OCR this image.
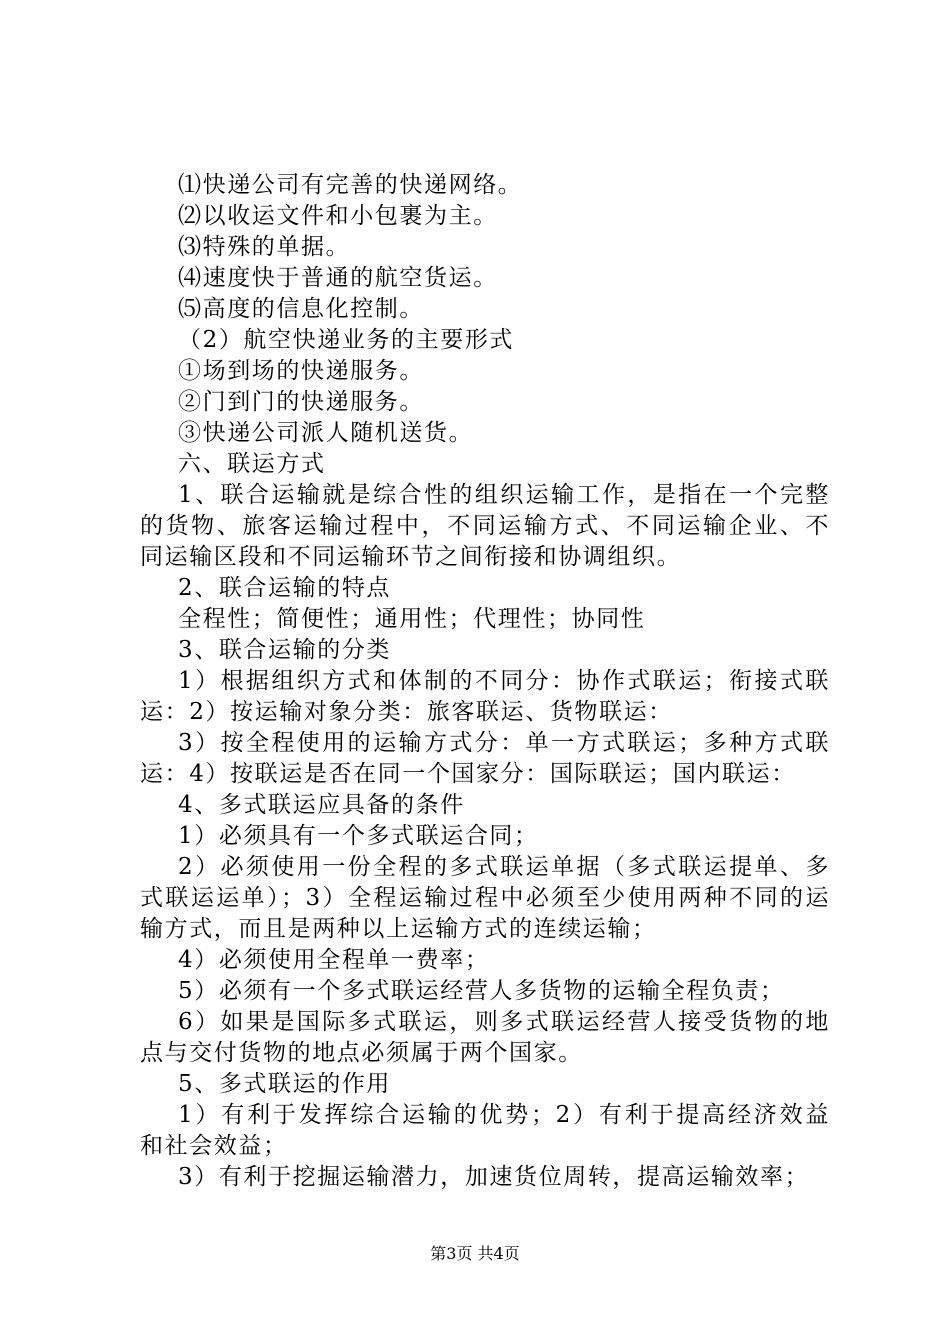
⑴快递公司有完善的快递网络。
⑵以收运文件和小包裹为主。
⑶特殊的单据。
⑷速度快于普通的航空货运。
⑸高度的信息化控制。
（2）航空快递业务的主要形式
①场到场的快递服务。
②门到门的快递服务。
③快递公司派人随机送货。
六、联运方式
1、联合运输就是综合性的组织运输工作，是指在一个完整
的货物、旅客运输过程中，不同运输方式、不同运输企业、不
同运输区段和不同运输环节之间衔接和协调组织。
2、联合运输的特点
全程性；简便性；通用性；代理性；协同性
3、联合运输的分类
1）根据组织方式和体制的不同分：协作式联运；衔接式联
运：2）按运输对象分类：旅客联运、货物联运：
3）按全程使用的运输方式分：单一方式联运；多种方式联
运：4）按联运是否在同一个国家分：国际联运；国内联运：
4、多式联运应具备的条件
1）必须具有一个多式联运合同；
2）必须使用一份全程的多式联运单据（多式联运提单、多
式联运运单）；3）全程运输过程中必须至少使用两种不同的运
输方式，而且是两种以上运输方式的连续运输；
4）必须使用全程单一费率；
5）必须有一个多式联运经营人多货物的运输全程负责；
6）如果是国际多式联运，则多式联运经营人接受货物的地
点与交付货物的地点必须属于两个国家。
5、多式联运的作用
1）有利于发挥综合运输的优势；2）有利于提高经济效益
和社会效益；
3）有利于挖掘运输潜力，加速货位周转，提高运输效率；
第3页 共4页
